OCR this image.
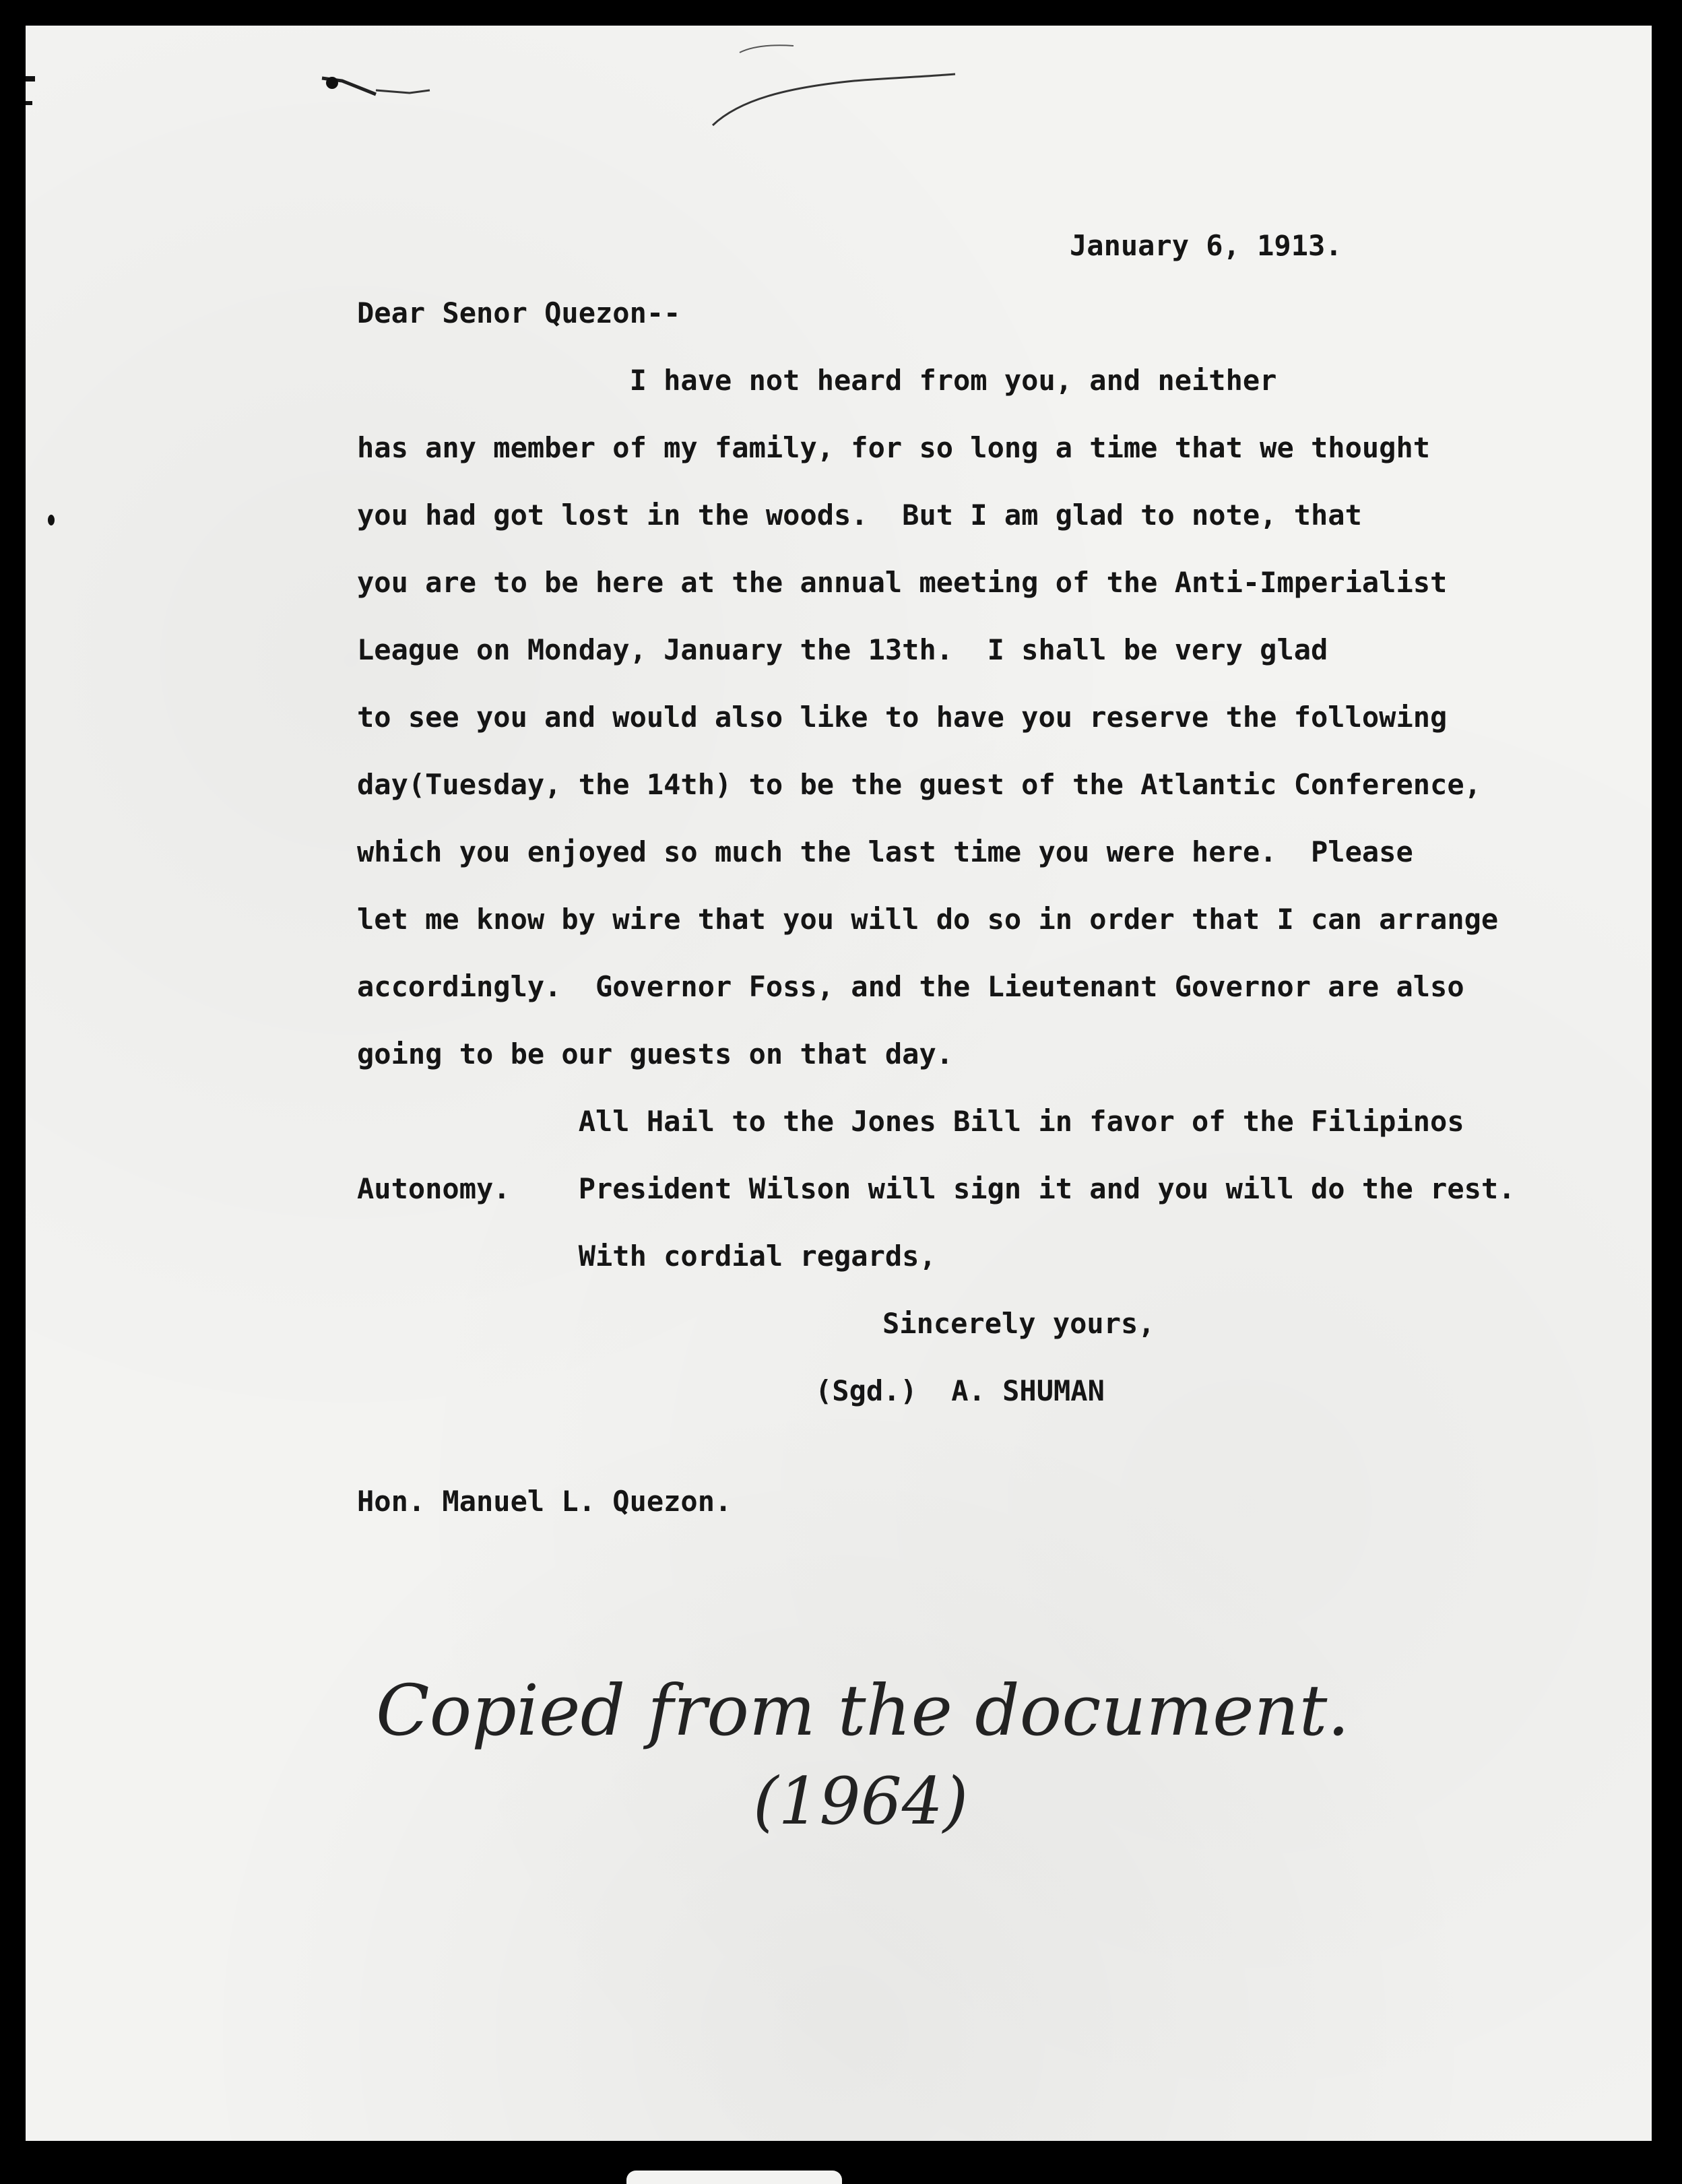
January 6, 1913.
Dear Senor Quezon--

I have not heard from you, and neither

has any member of my family, for so long a time that we thought

you had got lost in the woods.  But I am glad to note, that

you are to be here at the annual meeting of the Anti-Imperialist

League on Monday, January the 13th.  I shall be very glad

to see you and would also like to have you reserve the following

day(Tuesday, the 14th) to be the guest of the Atlantic Conference,

which you enjoyed so much the last time you were here.  Please

let me know by wire that you will do so in order that I can arrange

accordingly.  Governor Foss, and the Lieutenant Governor are also

going to be our guests on that day.

All Hail to the Jones Bill in favor of the Filipinos

Autonomy.    President Wilson will sign it and you will do the rest.

With cordial regards,

Sincerely yours,
(Sgd.)  A. SHUMAN
Hon. Manuel L. Quezon.
Copied from the document.
(1964)
